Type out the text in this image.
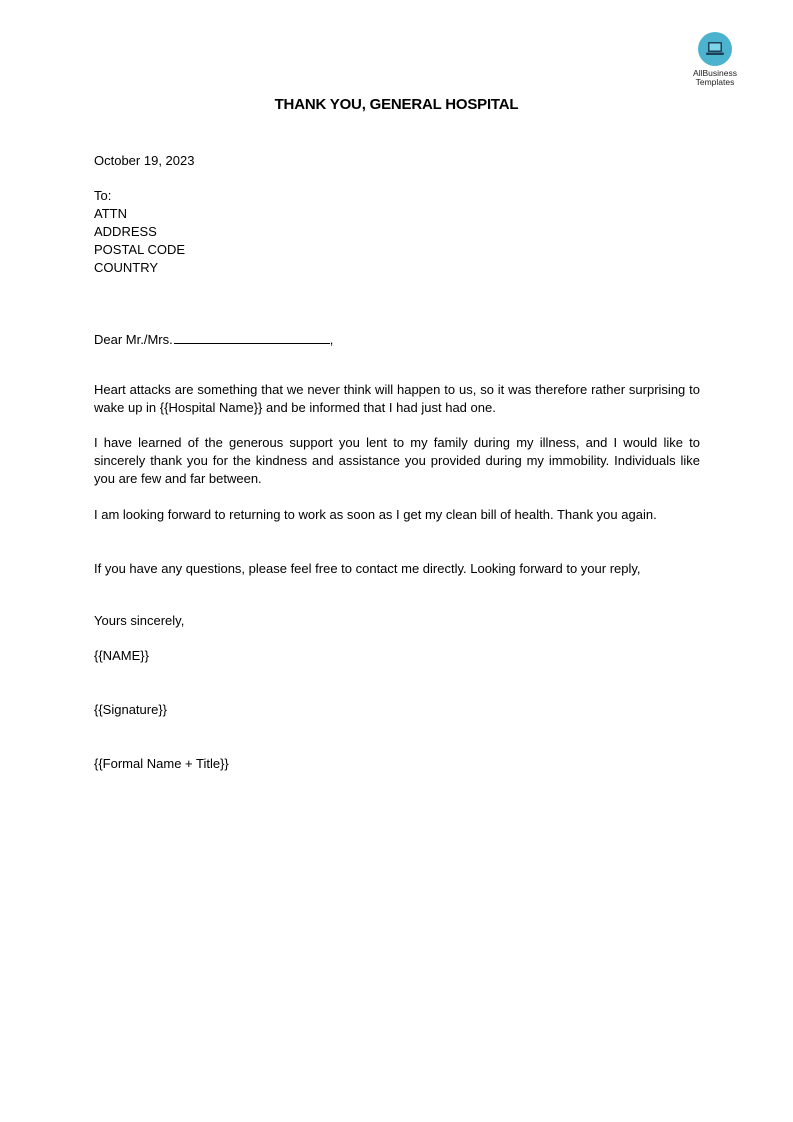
AllBusiness
Templates
THANK YOU, GENERAL HOSPITAL
October 19, 2023
To:
ATTN
ADDRESS
POSTAL CODE
COUNTRY
Dear Mr./Mrs.	,
Heart attacks are something that we never think will happen to us, so it was therefore rather surprising to wake up in {{Hospital Name}} and be informed that I had just had one.
I have learned of the generous support you lent to my family during my illness, and I would like to sincerely thank you for the kindness and assistance you provided during my immobility. Individuals like you are few and far between.
I am looking forward to returning to work as soon as I get my clean bill of health. Thank you again.
If you have any questions, please feel free to contact me directly. Looking forward to your reply,
Yours sincerely,
{{NAME}}
{{Signature}}
{{Formal Name + Title}}
